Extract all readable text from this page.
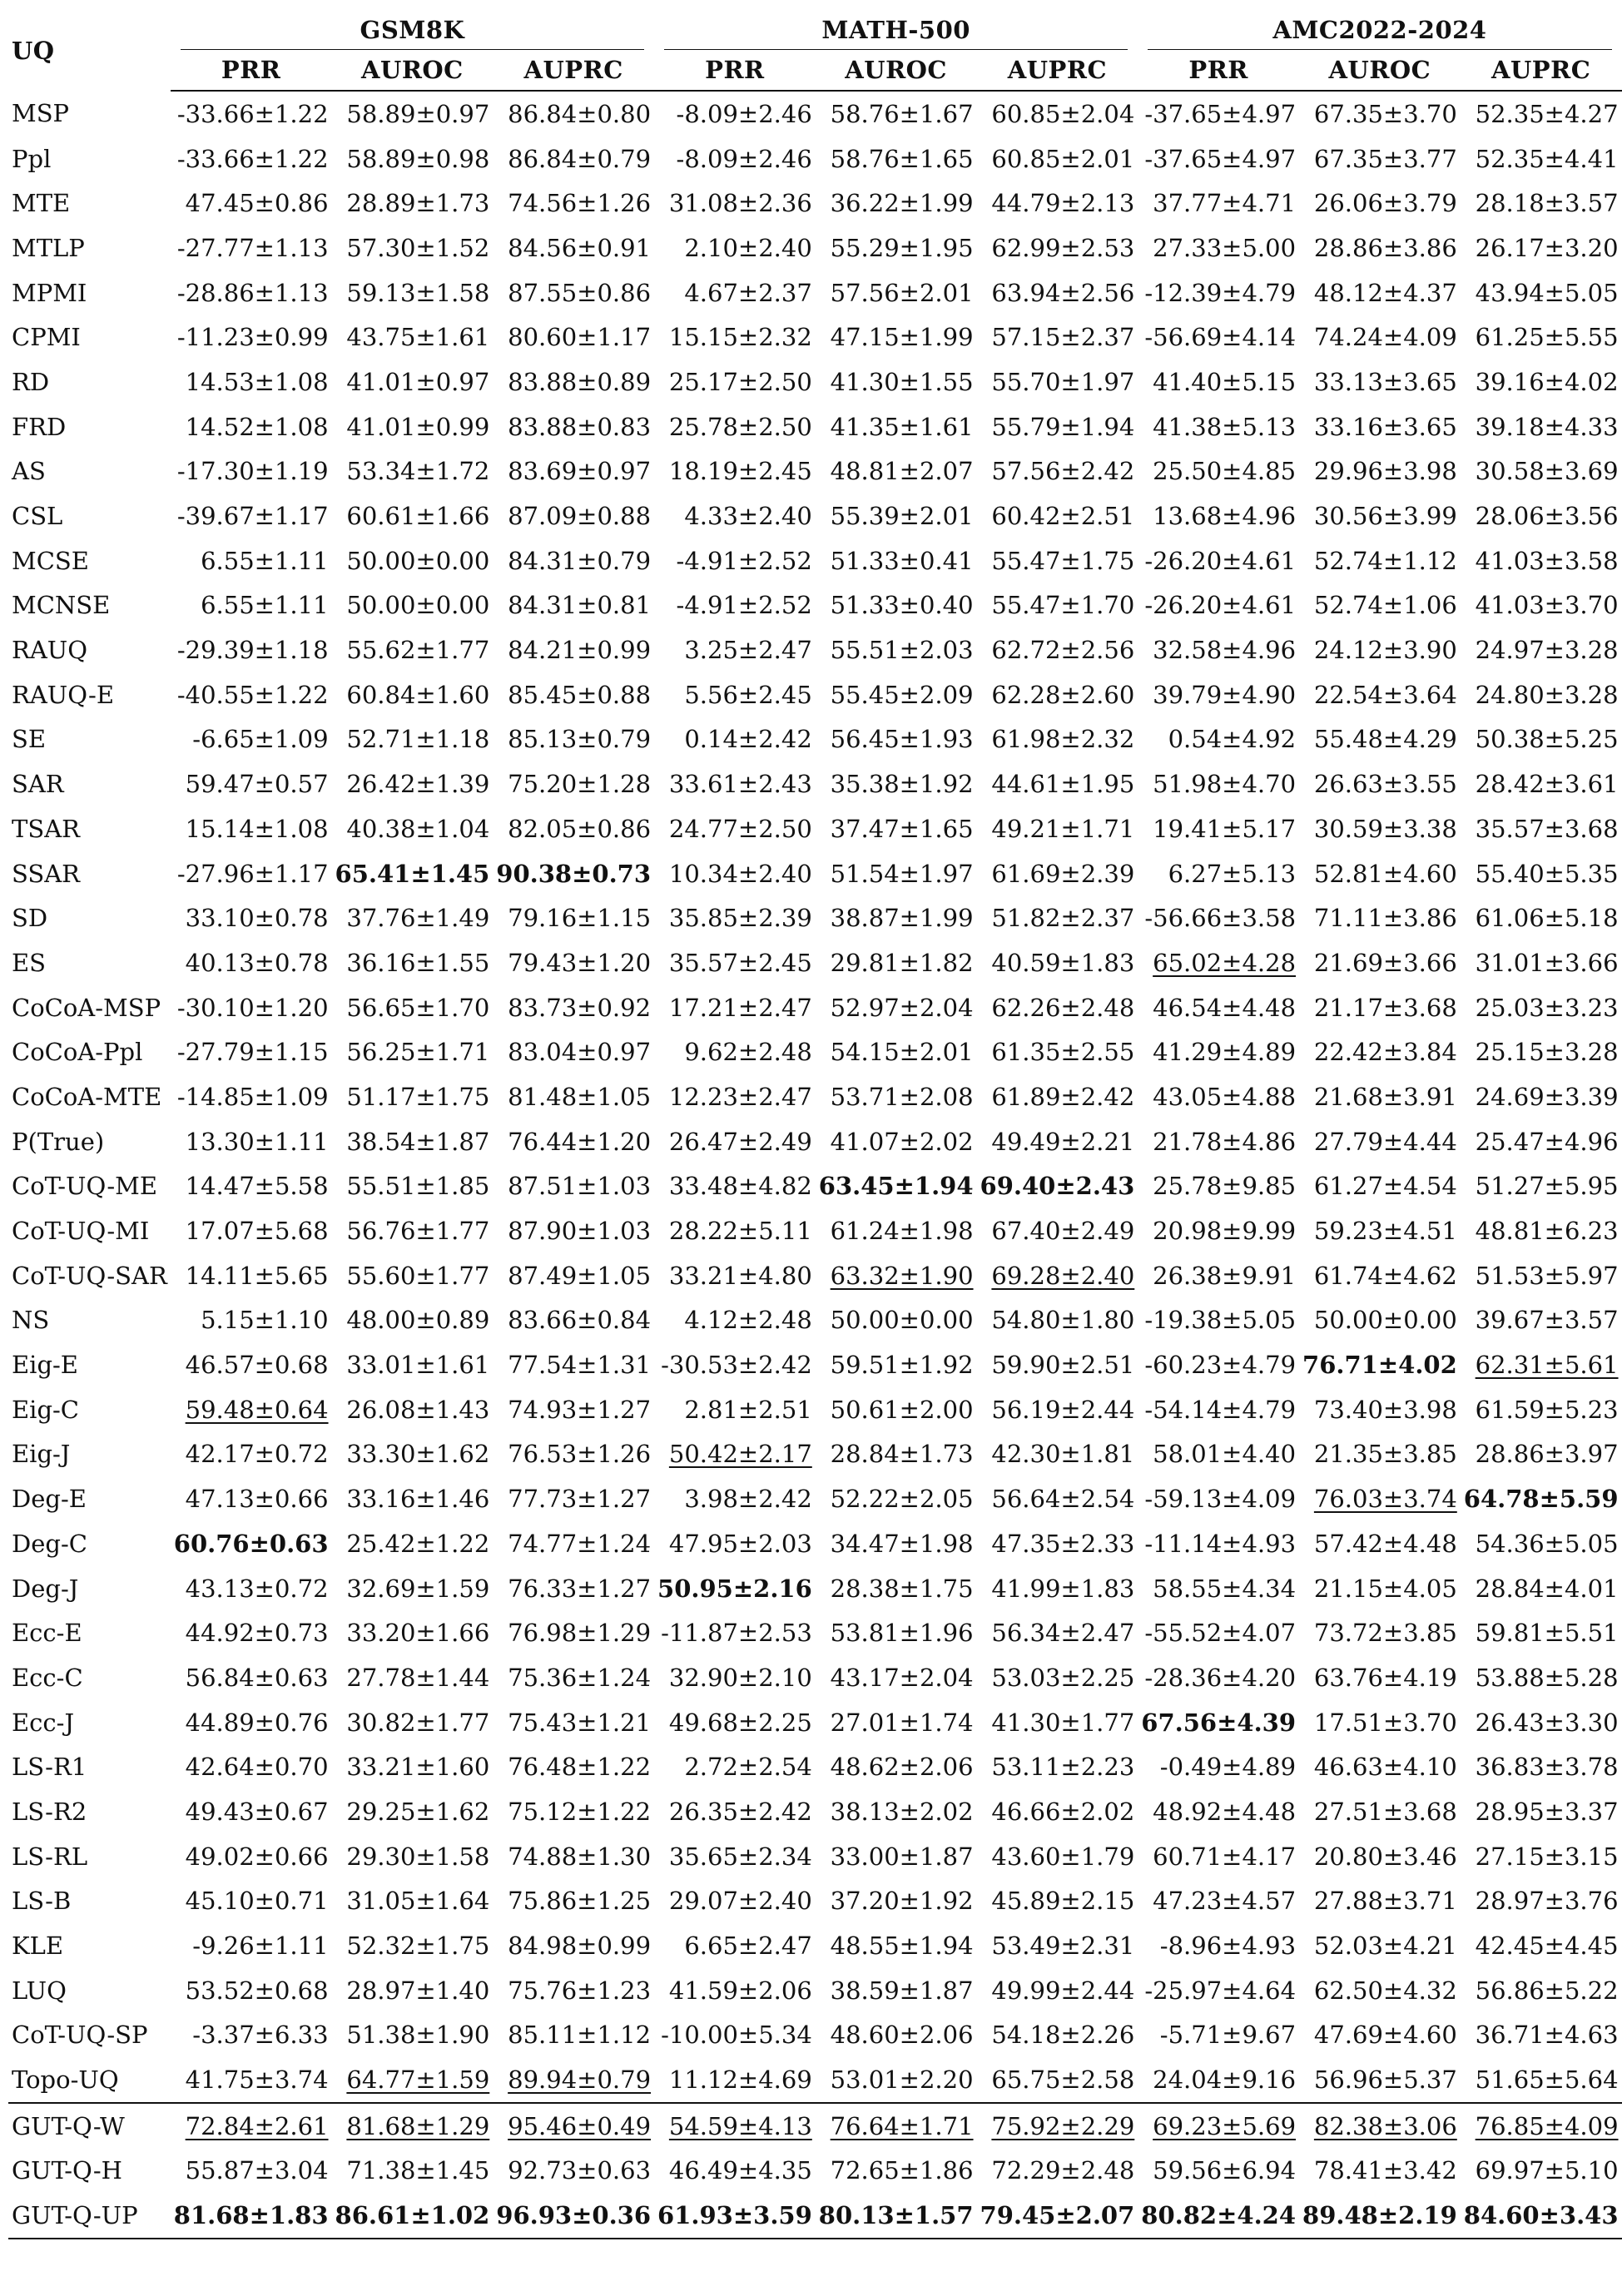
UQ	GSM8K			MATH-500			AMC2022-2024		
	PRR	AUROC	AUPRC	PRR	AUROC	AUPRC	PRR	AUROC	AUPRC
MSP	-33.66±1.22	58.89±0.97	86.84±0.80	-8.09±2.46	58.76±1.67	60.85±2.04	-37.65±4.97	67.35±3.70	52.35±4.27
Ppl	-33.66±1.22	58.89±0.98	86.84±0.79	-8.09±2.46	58.76±1.65	60.85±2.01	-37.65±4.97	67.35±3.77	52.35±4.41
MTE	47.45±0.86	28.89±1.73	74.56±1.26	31.08±2.36	36.22±1.99	44.79±2.13	37.77±4.71	26.06±3.79	28.18±3.57
MTLP	-27.77±1.13	57.30±1.52	84.56±0.91	2.10±2.40	55.29±1.95	62.99±2.53	27.33±5.00	28.86±3.86	26.17±3.20
MPMI	-28.86±1.13	59.13±1.58	87.55±0.86	4.67±2.37	57.56±2.01	63.94±2.56	-12.39±4.79	48.12±4.37	43.94±5.05
CPMI	-11.23±0.99	43.75±1.61	80.60±1.17	15.15±2.32	47.15±1.99	57.15±2.37	-56.69±4.14	74.24±4.09	61.25±5.55
RD	14.53±1.08	41.01±0.97	83.88±0.89	25.17±2.50	41.30±1.55	55.70±1.97	41.40±5.15	33.13±3.65	39.16±4.02
FRD	14.52±1.08	41.01±0.99	83.88±0.83	25.78±2.50	41.35±1.61	55.79±1.94	41.38±5.13	33.16±3.65	39.18±4.33
AS	-17.30±1.19	53.34±1.72	83.69±0.97	18.19±2.45	48.81±2.07	57.56±2.42	25.50±4.85	29.96±3.98	30.58±3.69
CSL	-39.67±1.17	60.61±1.66	87.09±0.88	4.33±2.40	55.39±2.01	60.42±2.51	13.68±4.96	30.56±3.99	28.06±3.56
MCSE	6.55±1.11	50.00±0.00	84.31±0.79	-4.91±2.52	51.33±0.41	55.47±1.75	-26.20±4.61	52.74±1.12	41.03±3.58
MCNSE	6.55±1.11	50.00±0.00	84.31±0.81	-4.91±2.52	51.33±0.40	55.47±1.70	-26.20±4.61	52.74±1.06	41.03±3.70
RAUQ	-29.39±1.18	55.62±1.77	84.21±0.99	3.25±2.47	55.51±2.03	62.72±2.56	32.58±4.96	24.12±3.90	24.97±3.28
RAUQ-E	-40.55±1.22	60.84±1.60	85.45±0.88	5.56±2.45	55.45±2.09	62.28±2.60	39.79±4.90	22.54±3.64	24.80±3.28
SE	-6.65±1.09	52.71±1.18	85.13±0.79	0.14±2.42	56.45±1.93	61.98±2.32	0.54±4.92	55.48±4.29	50.38±5.25
SAR	59.47±0.57	26.42±1.39	75.20±1.28	33.61±2.43	35.38±1.92	44.61±1.95	51.98±4.70	26.63±3.55	28.42±3.61
TSAR	15.14±1.08	40.38±1.04	82.05±0.86	24.77±2.50	37.47±1.65	49.21±1.71	19.41±5.17	30.59±3.38	35.57±3.68
SSAR	-27.96±1.17	65.41±1.45	90.38±0.73	10.34±2.40	51.54±1.97	61.69±2.39	6.27±5.13	52.81±4.60	55.40±5.35
SD	33.10±0.78	37.76±1.49	79.16±1.15	35.85±2.39	38.87±1.99	51.82±2.37	-56.66±3.58	71.11±3.86	61.06±5.18
ES	40.13±0.78	36.16±1.55	79.43±1.20	35.57±2.45	29.81±1.82	40.59±1.83	65.02±4.28	21.69±3.66	31.01±3.66
CoCoA-MSP	-30.10±1.20	56.65±1.70	83.73±0.92	17.21±2.47	52.97±2.04	62.26±2.48	46.54±4.48	21.17±3.68	25.03±3.23
CoCoA-Ppl	-27.79±1.15	56.25±1.71	83.04±0.97	9.62±2.48	54.15±2.01	61.35±2.55	41.29±4.89	22.42±3.84	25.15±3.28
CoCoA-MTE	-14.85±1.09	51.17±1.75	81.48±1.05	12.23±2.47	53.71±2.08	61.89±2.42	43.05±4.88	21.68±3.91	24.69±3.39
P(True)	13.30±1.11	38.54±1.87	76.44±1.20	26.47±2.49	41.07±2.02	49.49±2.21	21.78±4.86	27.79±4.44	25.47±4.96
CoT-UQ-ME	14.47±5.58	55.51±1.85	87.51±1.03	33.48±4.82	63.45±1.94	69.40±2.43	25.78±9.85	61.27±4.54	51.27±5.95
CoT-UQ-MI	17.07±5.68	56.76±1.77	87.90±1.03	28.22±5.11	61.24±1.98	67.40±2.49	20.98±9.99	59.23±4.51	48.81±6.23
CoT-UQ-SAR	14.11±5.65	55.60±1.77	87.49±1.05	33.21±4.80	63.32±1.90	69.28±2.40	26.38±9.91	61.74±4.62	51.53±5.97
NS	5.15±1.10	48.00±0.89	83.66±0.84	4.12±2.48	50.00±0.00	54.80±1.80	-19.38±5.05	50.00±0.00	39.67±3.57
Eig-E	46.57±0.68	33.01±1.61	77.54±1.31	-30.53±2.42	59.51±1.92	59.90±2.51	-60.23±4.79	76.71±4.02	62.31±5.61
Eig-C	59.48±0.64	26.08±1.43	74.93±1.27	2.81±2.51	50.61±2.00	56.19±2.44	-54.14±4.79	73.40±3.98	61.59±5.23
Eig-J	42.17±0.72	33.30±1.62	76.53±1.26	50.42±2.17	28.84±1.73	42.30±1.81	58.01±4.40	21.35±3.85	28.86±3.97
Deg-E	47.13±0.66	33.16±1.46	77.73±1.27	3.98±2.42	52.22±2.05	56.64±2.54	-59.13±4.09	76.03±3.74	64.78±5.59
Deg-C	60.76±0.63	25.42±1.22	74.77±1.24	47.95±2.03	34.47±1.98	47.35±2.33	-11.14±4.93	57.42±4.48	54.36±5.05
Deg-J	43.13±0.72	32.69±1.59	76.33±1.27	50.95±2.16	28.38±1.75	41.99±1.83	58.55±4.34	21.15±4.05	28.84±4.01
Ecc-E	44.92±0.73	33.20±1.66	76.98±1.29	-11.87±2.53	53.81±1.96	56.34±2.47	-55.52±4.07	73.72±3.85	59.81±5.51
Ecc-C	56.84±0.63	27.78±1.44	75.36±1.24	32.90±2.10	43.17±2.04	53.03±2.25	-28.36±4.20	63.76±4.19	53.88±5.28
Ecc-J	44.89±0.76	30.82±1.77	75.43±1.21	49.68±2.25	27.01±1.74	41.30±1.77	67.56±4.39	17.51±3.70	26.43±3.30
LS-R1	42.64±0.70	33.21±1.60	76.48±1.22	2.72±2.54	48.62±2.06	53.11±2.23	-0.49±4.89	46.63±4.10	36.83±3.78
LS-R2	49.43±0.67	29.25±1.62	75.12±1.22	26.35±2.42	38.13±2.02	46.66±2.02	48.92±4.48	27.51±3.68	28.95±3.37
LS-RL	49.02±0.66	29.30±1.58	74.88±1.30	35.65±2.34	33.00±1.87	43.60±1.79	60.71±4.17	20.80±3.46	27.15±3.15
LS-B	45.10±0.71	31.05±1.64	75.86±1.25	29.07±2.40	37.20±1.92	45.89±2.15	47.23±4.57	27.88±3.71	28.97±3.76
KLE	-9.26±1.11	52.32±1.75	84.98±0.99	6.65±2.47	48.55±1.94	53.49±2.31	-8.96±4.93	52.03±4.21	42.45±4.45
LUQ	53.52±0.68	28.97±1.40	75.76±1.23	41.59±2.06	38.59±1.87	49.99±2.44	-25.97±4.64	62.50±4.32	56.86±5.22
CoT-UQ-SP	-3.37±6.33	51.38±1.90	85.11±1.12	-10.00±5.34	48.60±2.06	54.18±2.26	-5.71±9.67	47.69±4.60	36.71±4.63
Topo-UQ	41.75±3.74	64.77±1.59	89.94±0.79	11.12±4.69	53.01±2.20	65.75±2.58	24.04±9.16	56.96±5.37	51.65±5.64
GUT-Q-W	72.84±2.61	81.68±1.29	95.46±0.49	54.59±4.13	76.64±1.71	75.92±2.29	69.23±5.69	82.38±3.06	76.85±4.09
GUT-Q-H	55.87±3.04	71.38±1.45	92.73±0.63	46.49±4.35	72.65±1.86	72.29±2.48	59.56±6.94	78.41±3.42	69.97±5.10
GUT-Q-UP	81.68±1.83	86.61±1.02	96.93±0.36	61.93±3.59	80.13±1.57	79.45±2.07	80.82±4.24	89.48±2.19	84.60±3.43
